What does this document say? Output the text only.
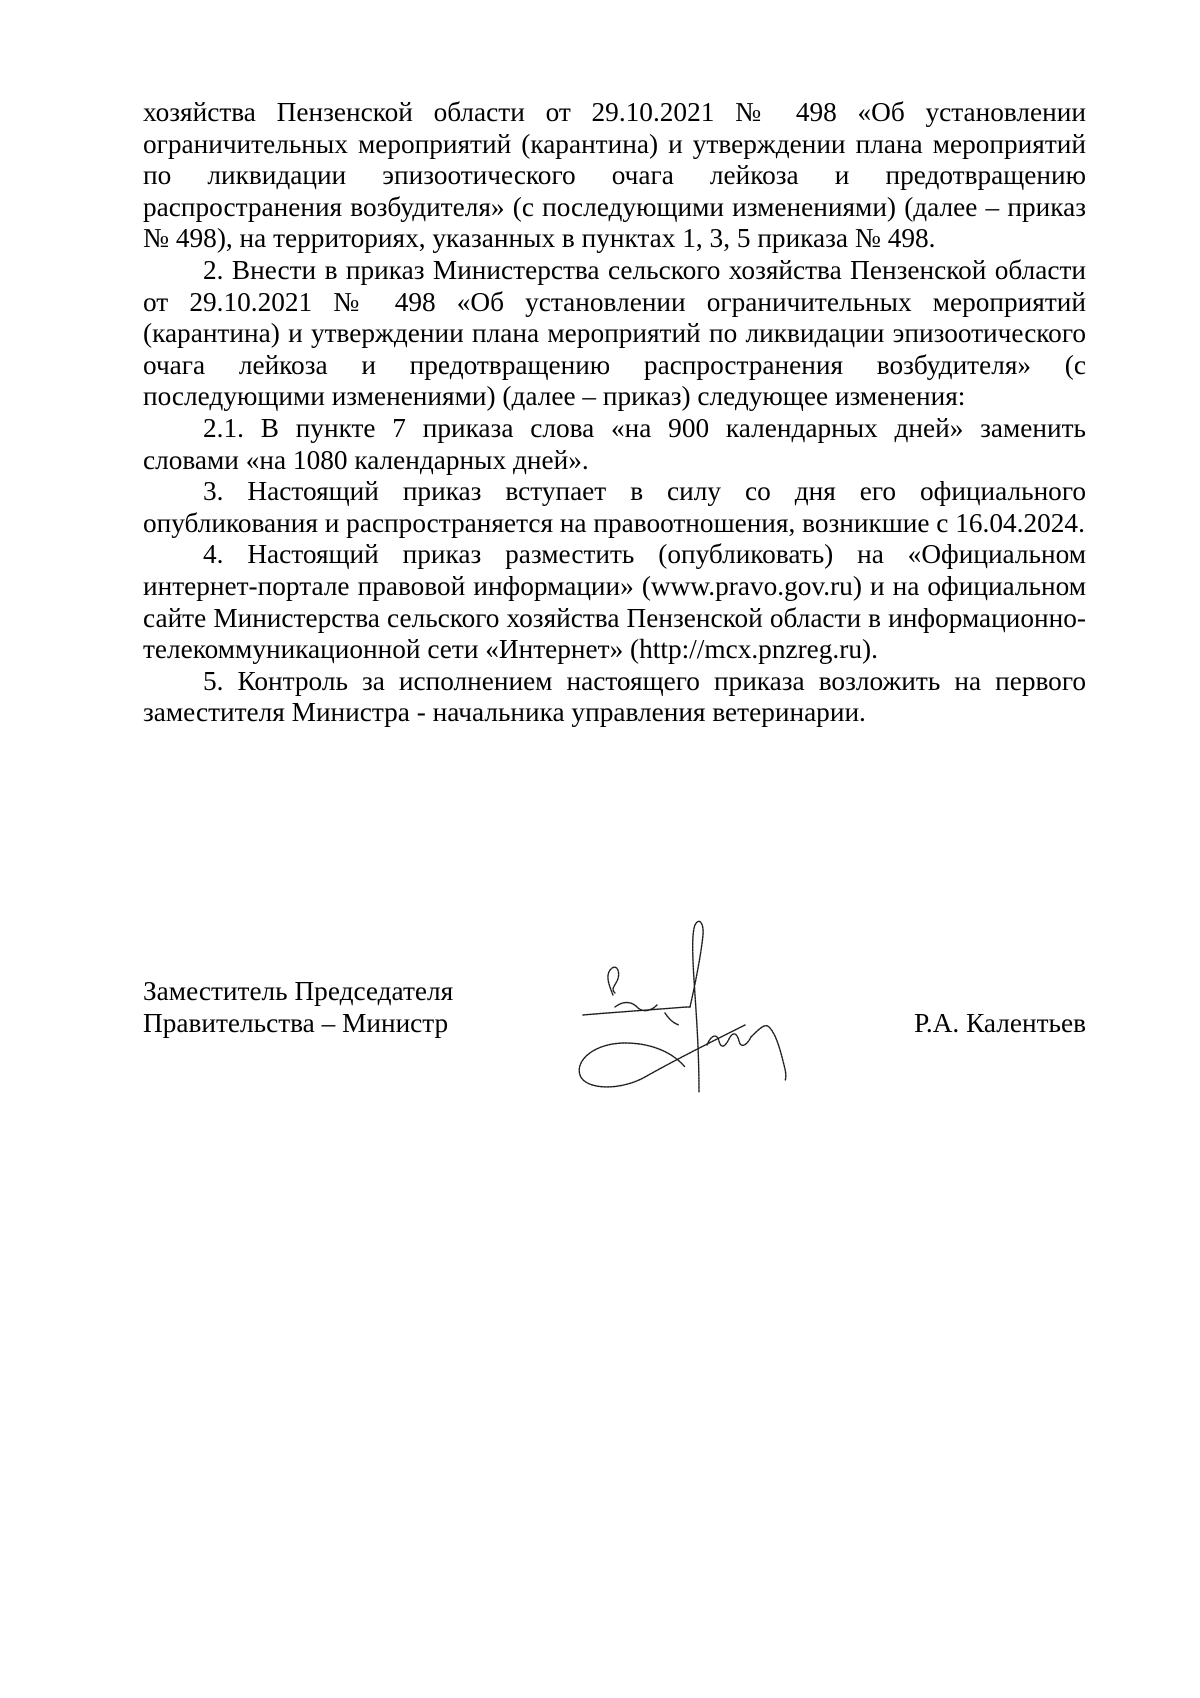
хозяйства Пензенской области от 29.10.2021 № 498 «Об установлении ограничительных мероприятий (карантина) и утверждении плана мероприятий по ликвидации эпизоотического очага лейкоза и предотвращению распространения возбудителя» (с последующими изменениями) (далее – приказ № 498), на территориях, указанных в пунктах 1, 3, 5 приказа № 498.

2. Внести в приказ Министерства сельского хозяйства Пензенской области от 29.10.2021 № 498 «Об установлении ограничительных мероприятий (карантина) и утверждении плана мероприятий по ликвидации эпизоотического очага лейкоза и предотвращению распространения возбудителя» (с последующими изменениями) (далее – приказ) следующее изменения:

2.1. В пункте 7 приказа слова «на 900 календарных дней» заменить словами «на 1080 календарных дней».

3. Настоящий приказ вступает в силу со дня его официального опубликования и распространяется на правоотношения, возникшие с 16.04.2024.

4. Настоящий приказ разместить (опубликовать) на «Официальном интернет-портале правовой информации» (www.pravo.gov.ru) и на официальном сайте Министерства сельского хозяйства Пензенской области в информационно-телекоммуникационной сети «Интернет» (http://mcx.pnzreg.ru).

5. Контроль за исполнением настоящего приказа возложить на первого заместителя Министра - начальника управления ветеринарии.

Заместитель Председателя
Правительства – Министр	Р.А. Калентьев
